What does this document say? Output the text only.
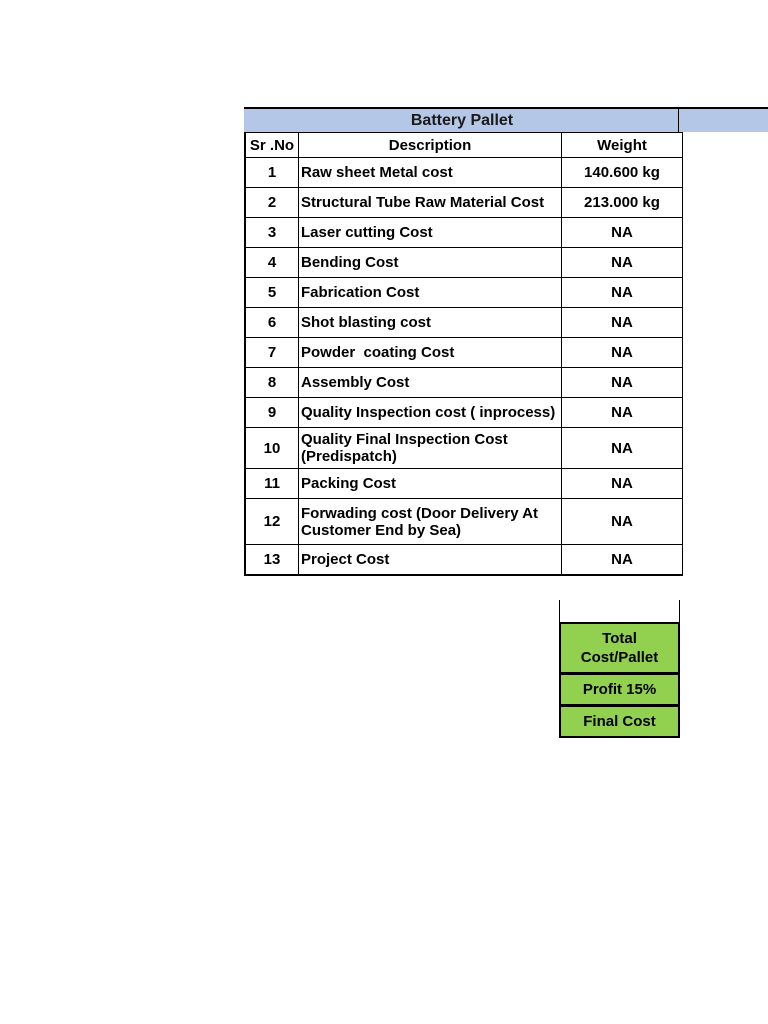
Battery Pallet
Sr .No	Description	Weight
1	Raw sheet Metal cost	140.600 kg
2	Structural Tube Raw Material Cost	213.000 kg
3	Laser cutting Cost	NA
4	Bending Cost	NA
5	Fabrication Cost	NA
6	Shot blasting cost	NA
7	Powder  coating Cost	NA
8	Assembly Cost	NA
9	Quality Inspection cost ( inprocess)	NA
10	Quality Final Inspection Cost (Predispatch)	NA
11	Packing Cost	NA
12	Forwading cost (Door Delivery At Customer End by Sea)	NA
13	Project Cost	NA
Total Cost/Pallet
Profit 15%
Final Cost
